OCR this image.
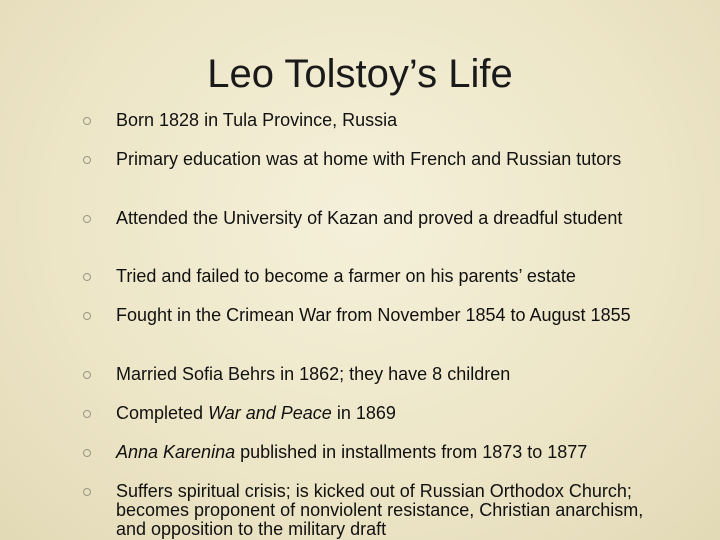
Leo Tolstoy’s Life
Born 1828 in Tula Province, Russia
Primary education was at home with French and Russian tutors
Attended the University of Kazan and proved a dreadful student
Tried and failed to become a farmer on his parents’ estate
Fought in the Crimean War from November 1854 to August 1855
Married Sofia Behrs in 1862; they have 8 children
Completed War and Peace in 1869
Anna Karenina published in installments from 1873 to 1877
Suffers spiritual crisis; is kicked out of Russian Orthodox Church; becomes proponent of nonviolent resistance, Christian anarchism, and opposition to the military draft
